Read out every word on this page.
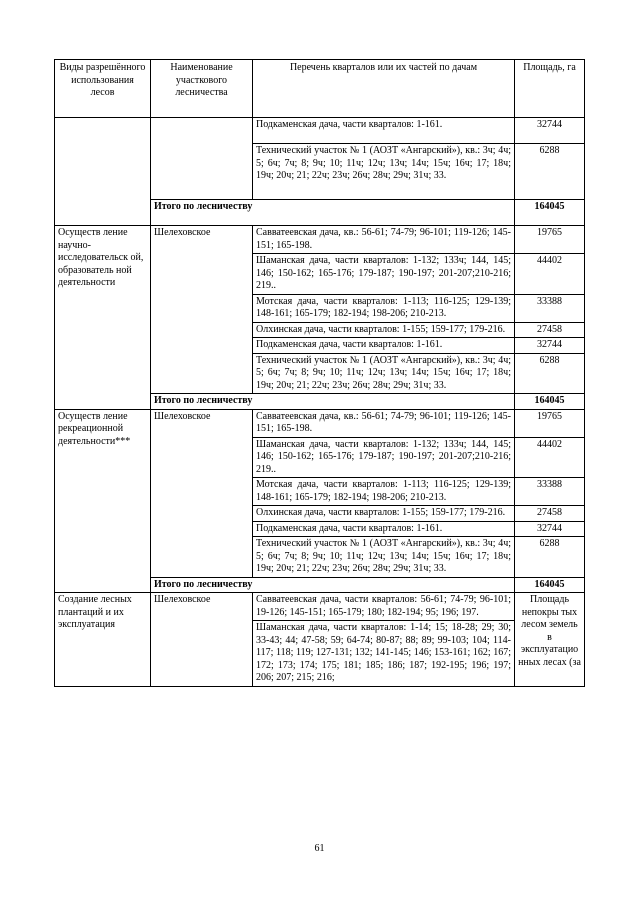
Виды разрешённого использования лесов	Наименование участкового лесничества	Перечень кварталов или их частей по дачам	Площадь, га
		Подкаменская дача, части кварталов: 1-161.	32744
		Технический участок № 1 (АОЗТ «Ангарский»), кв.: 3ч; 4ч; 5; 6ч; 7ч; 8; 9ч; 10; 11ч; 12ч; 13ч; 14ч; 15ч; 16ч; 17; 18ч; 19ч; 20ч; 21; 22ч; 23ч; 26ч; 28ч; 29ч; 31ч; 33.	6288
	Итого по лесничеству		164045
Осуществ ление научно-исследовательск ой, образователь ной деятельности	Шелеховское	Савватеевская дача, кв.: 56-61; 74-79; 96-101; 119-126; 145-151; 165-198.	19765
		Шаманская дача, части кварталов: 1-132; 133ч; 144, 145; 146; 150-162; 165-176; 179-187; 190-197; 201-207;210-216; 219..	44402
		Мотская дача, части кварталов: 1-113; 116-125; 129-139; 148-161; 165-179; 182-194; 198-206; 210-213.	33388
		Олхинская дача, части кварталов: 1-155; 159-177; 179-216.	27458
		Подкаменская дача, части кварталов: 1-161.	32744
		Технический участок № 1 (АОЗТ «Ангарский»), кв.: 3ч; 4ч; 5; 6ч; 7ч; 8; 9ч; 10; 11ч; 12ч; 13ч; 14ч; 15ч; 16ч; 17; 18ч; 19ч; 20ч; 21; 22ч; 23ч; 26ч; 28ч; 29ч; 31ч; 33.	6288
	Итого по лесничеству		164045
Осуществ ление рекреационной деятельности***	Шелеховское	Савватеевская дача, кв.: 56-61; 74-79; 96-101; 119-126; 145-151; 165-198.	19765
		Шаманская дача, части кварталов: 1-132; 133ч; 144, 145; 146; 150-162; 165-176; 179-187; 190-197; 201-207;210-216; 219..	44402
		Мотская дача, части кварталов: 1-113; 116-125; 129-139; 148-161; 165-179; 182-194; 198-206; 210-213.	33388
		Олхинская дача, части кварталов: 1-155; 159-177; 179-216.	27458
		Подкаменская дача, части кварталов: 1-161.	32744
		Технический участок № 1 (АОЗТ «Ангарский»), кв.: 3ч; 4ч; 5; 6ч; 7ч; 8; 9ч; 10; 11ч; 12ч; 13ч; 14ч; 15ч; 16ч; 17; 18ч; 19ч; 20ч; 21; 22ч; 23ч; 26ч; 28ч; 29ч; 31ч; 33.	6288
	Итого по лесничеству		164045
Создание лесных плантаций и их эксплуатация	Шелеховское	Савватеевская дача, части кварталов: 56-61; 74-79; 96-101; 19-126; 145-151; 165-179; 180; 182-194; 95; 196; 197.	Площадь непокры тых лесом земель в эксплуатацио нных лесах (за
		Шаманская дача, части кварталов: 1-14; 15; 18-28; 29; 30; 33-43; 44; 47-58; 59; 64-74; 80-87; 88; 89; 99-103; 104; 114-117; 118; 119; 127-131; 132; 141-145; 146; 153-161; 162; 167; 172; 173; 174; 175; 181; 185; 186; 187; 192-195; 196; 197; 206; 207; 215; 216;	
61
